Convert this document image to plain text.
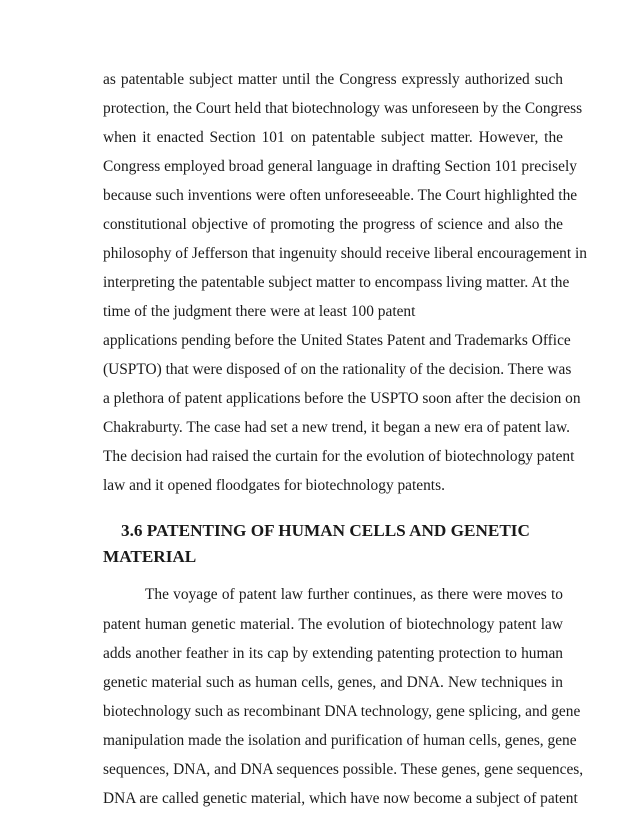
as patentable subject matter until the Congress expressly authorized such
protection, the Court held that biotechnology was unforeseen by the Congress
when it enacted Section 101 on patentable subject matter. However, the
Congress employed broad general language in drafting Section 101 precisely
because such inventions were often unforeseeable. The Court highlighted the
constitutional objective of promoting the progress of science and also the
philosophy of Jefferson that ingenuity should receive liberal encouragement in
interpreting the patentable subject matter to encompass living matter. At the
time of the judgment there were at least 100 patent
applications pending before the United States Patent and Trademarks Office
(USPTO) that were disposed of on the rationality of the decision. There was
a plethora of patent applications before the USPTO soon after the decision on
Chakraburty. The case had set a new trend, it began a new era of patent law.
The decision had raised the curtain for the evolution of biotechnology patent
law and it opened floodgates for biotechnology patents.
3.6 PATENTING OF HUMAN CELLS AND GENETIC
MATERIAL
The voyage of patent law further continues, as there were moves to
patent human genetic material. The evolution of biotechnology patent law
adds another feather in its cap by extending patenting protection to human
genetic material such as human cells, genes, and DNA. New techniques in
biotechnology such as recombinant DNA technology, gene splicing, and gene
manipulation made the isolation and purification of human cells, genes, gene
sequences, DNA, and DNA sequences possible. These genes, gene sequences,
DNA are called genetic material, which have now become a subject of patent
